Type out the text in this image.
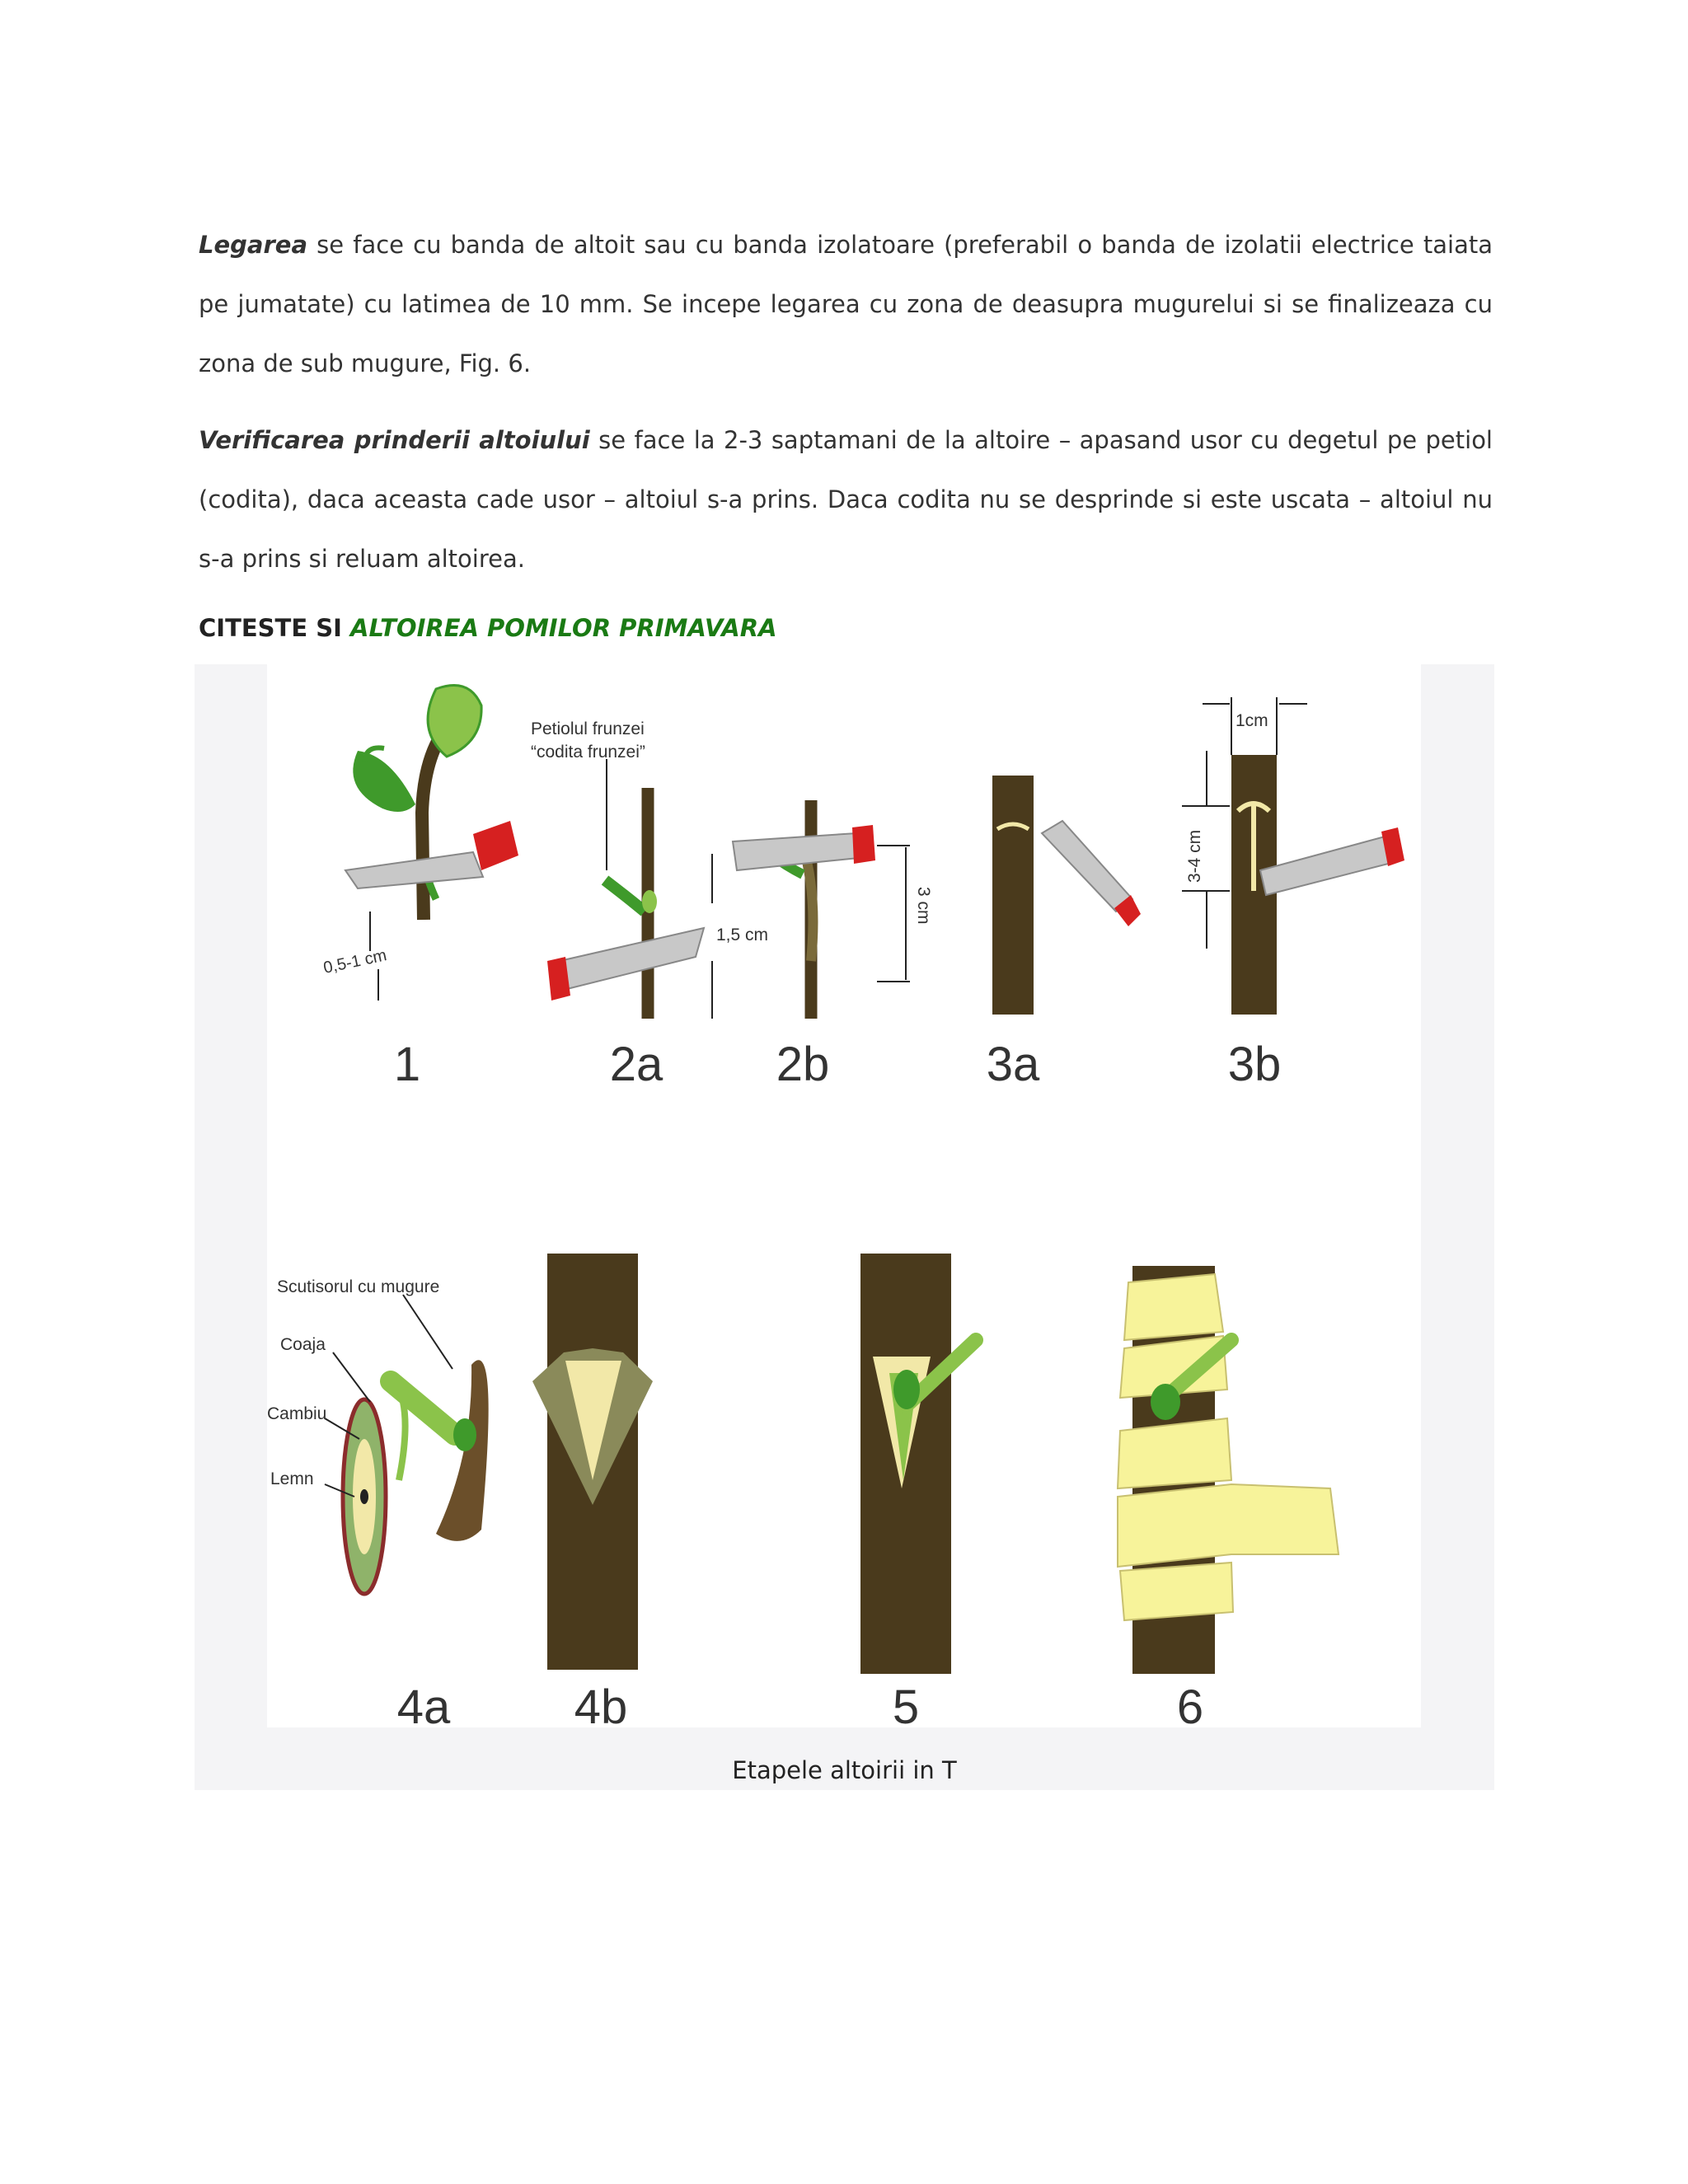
Legarea se face cu banda de altoit sau cu banda izolatoare (preferabil o banda de izolatii electrice taiata pe jumatate) cu latimea de 10 mm. Se incepe legarea cu zona de deasupra mugurelui si se finalizeaza cu zona de sub mugure, Fig. 6.

Verificarea prinderii altoiului se face la 2-3 saptamani de la altoire – apasand usor cu degetul pe petiol (codita), daca aceasta cade usor – altoiul s-a prins. Daca codita nu se desprinde si este uscata – altoiul nu s-a prins si reluam altoirea.

CITESTE SI ALTOIREA POMILOR PRIMAVARA

0,5-1 cm
Petiolul frunzei
“codita frunzei”
1,5 cm
3 cm
1cm
3-4 cm
Scutisorul cu mugure
Coaja
Cambiu
Lemn
1	2a 2b	3a	3b
4a	4b	5	6
Etapele altoirii in T
